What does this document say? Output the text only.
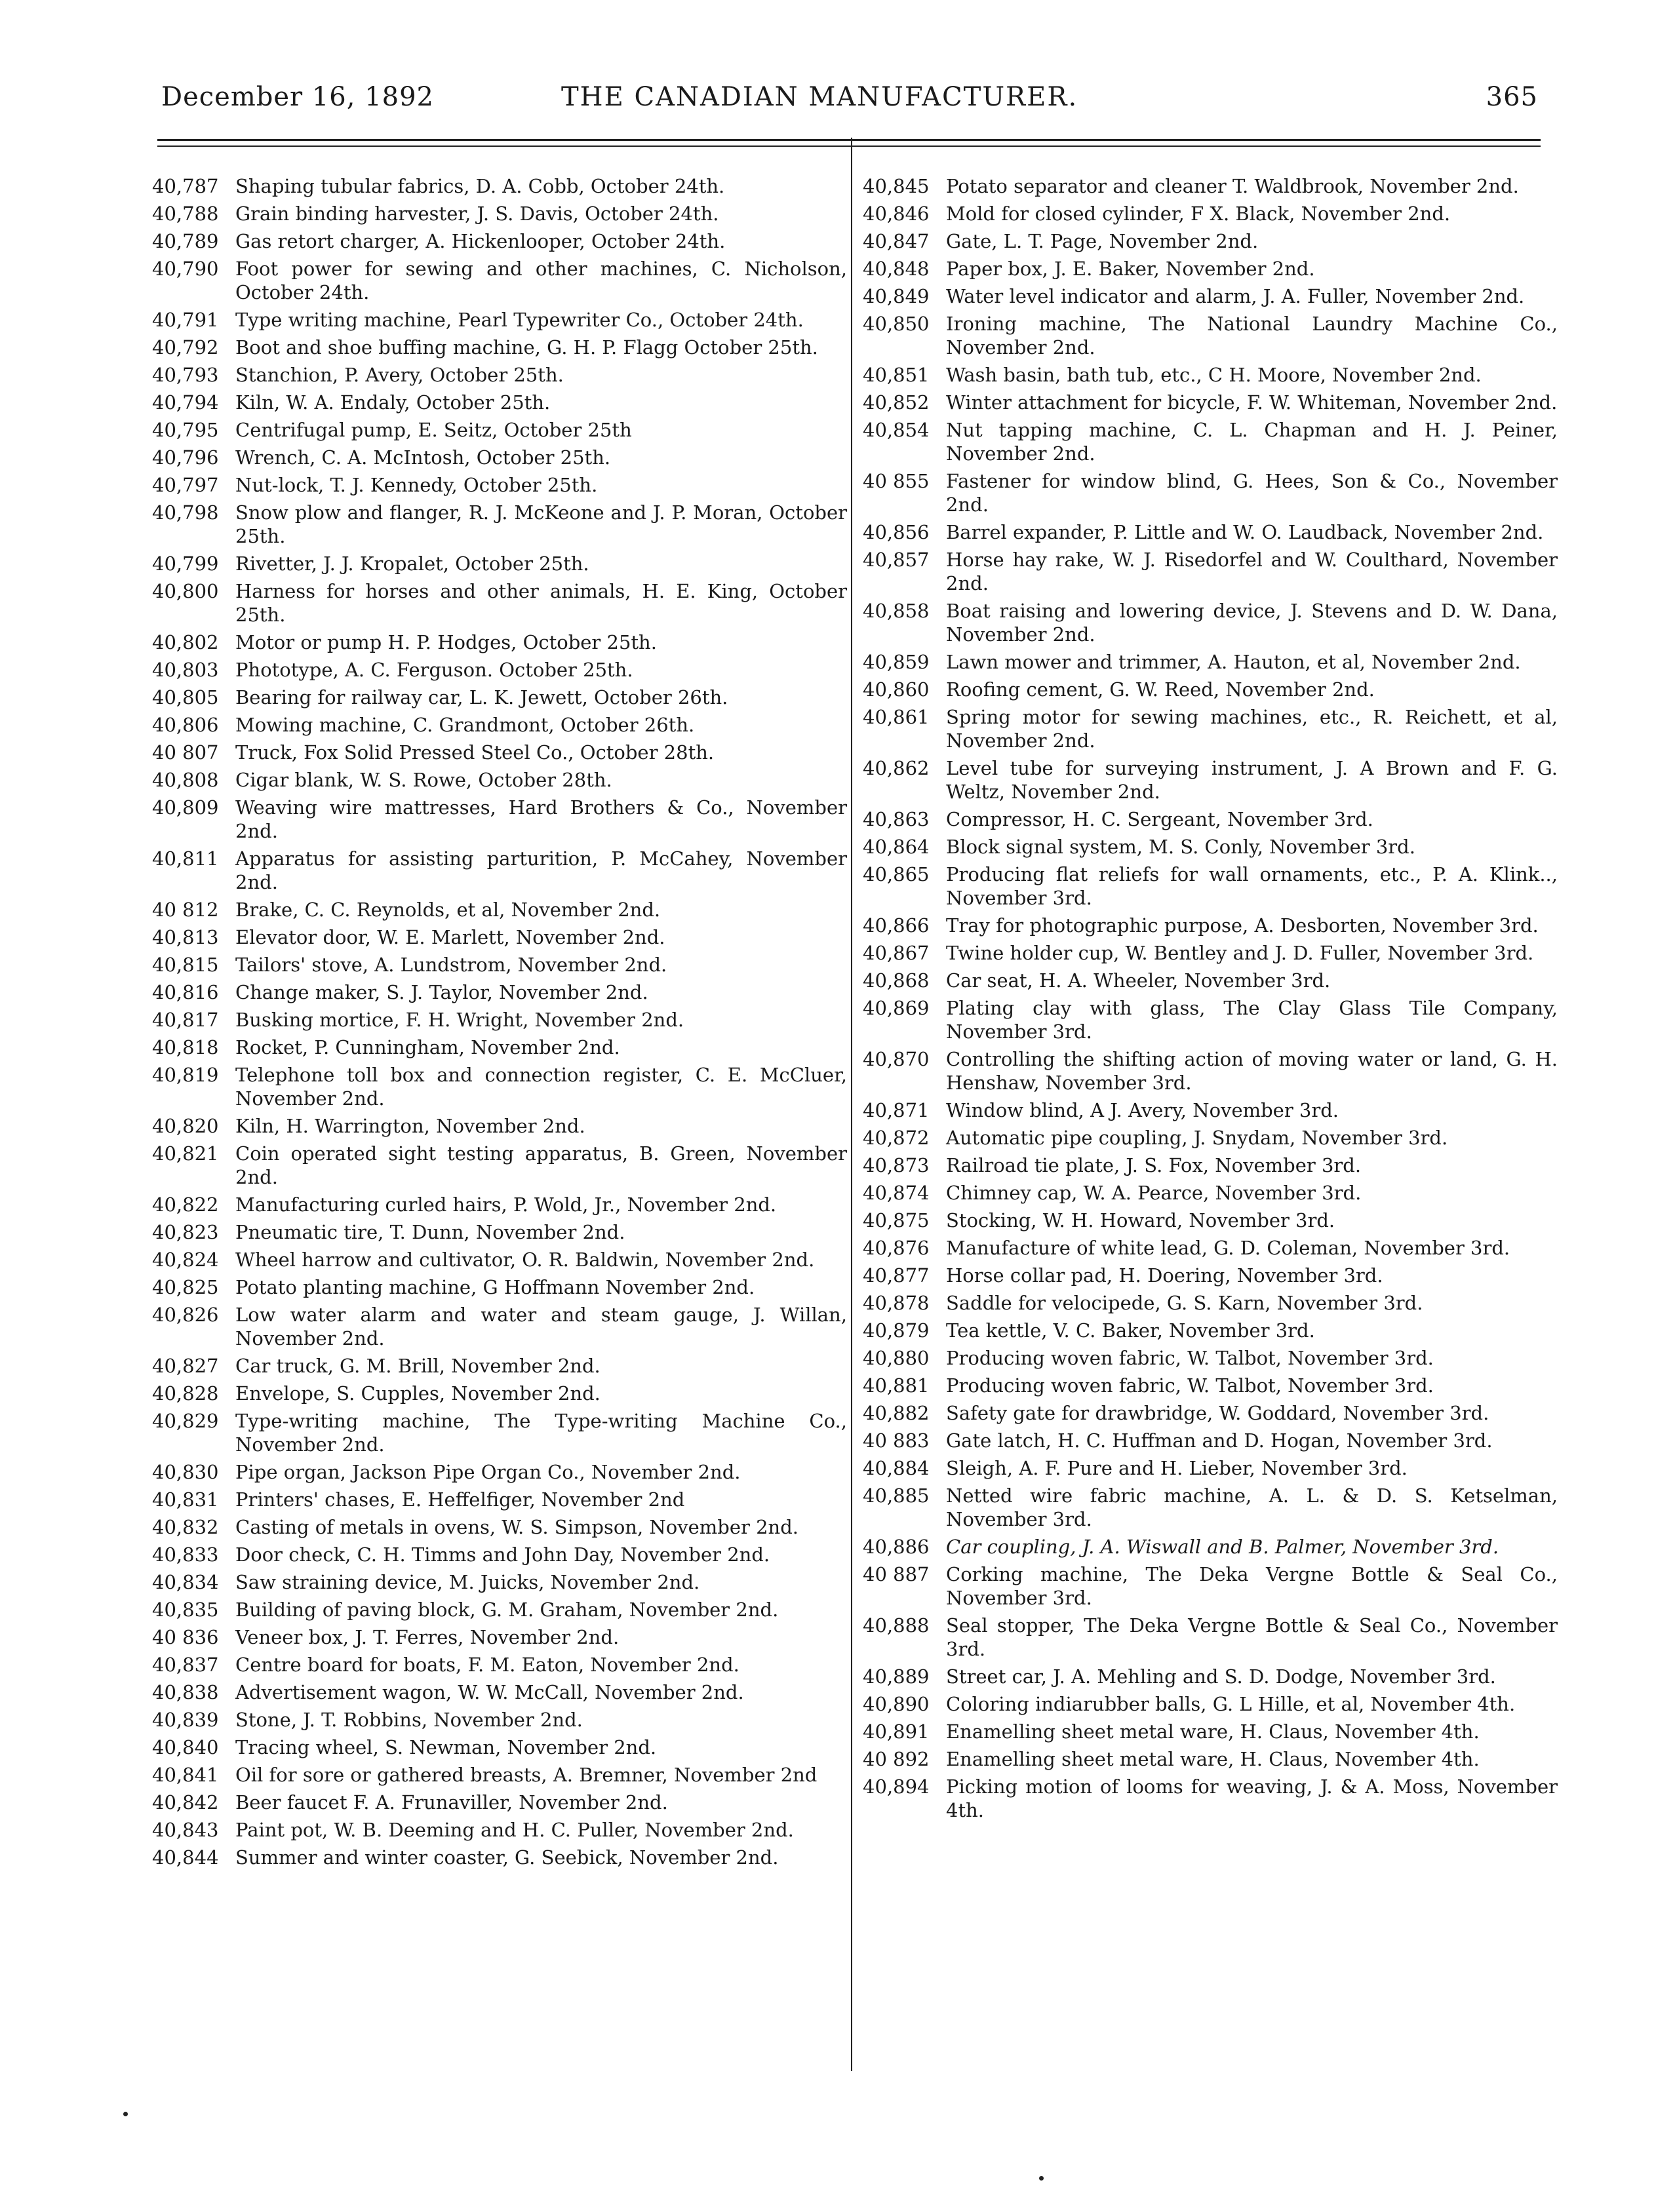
December 16, 1892	THE CANADIAN MANUFACTURER.	365
40,787 Shaping tubular fabrics, D. A. Cobb, October 24th.
40,788 Grain binding harvester, J. S. Davis, October 24th.
40,789 Gas retort charger, A. Hickenlooper, October 24th.
40,790 Foot power for sewing and other machines, C. Nicholson, October 24th.
40,791 Type writing machine, Pearl Typewriter Co., October 24th.
40,792 Boot and shoe buffing machine, G. H. P. Flagg October 25th.
40,793 Stanchion, P. Avery, October 25th.
40,794 Kiln, W. A. Endaly, October 25th.
40,795 Centrifugal pump, E. Seitz, October 25th
40,796 Wrench, C. A. McIntosh, October 25th.
40,797 Nut-lock, T. J. Kennedy, October 25th.
40,798 Snow plow and flanger, R. J. McKeone and J. P. Moran, October 25th.
40,799 Rivetter, J. J. Kropalet, October 25th.
40,800 Harness for horses and other animals, H. E. King, October 25th.
40,802 Motor or pump H. P. Hodges, October 25th.
40,803 Phototype, A. C. Ferguson. October 25th.
40,805 Bearing for railway car, L. K. Jewett, October 26th.
40,806 Mowing machine, C. Grandmont, October 26th.
40 807 Truck, Fox Solid Pressed Steel Co., October 28th.
40,808 Cigar blank, W. S. Rowe, October 28th.
40,809 Weaving wire mattresses, Hard Brothers & Co., November 2nd.
40,811 Apparatus for assisting parturition, P. McCahey, November 2nd.
40 812 Brake, C. C. Reynolds, et al, November 2nd.
40,813 Elevator door, W. E. Marlett, November 2nd.
40,815 Tailors' stove, A. Lundstrom, November 2nd.
40,816 Change maker, S. J. Taylor, November 2nd.
40,817 Busking mortice, F. H. Wright, November 2nd.
40,818 Rocket, P. Cunningham, November 2nd.
40,819 Telephone toll box and connection register, C. E. McCluer, November 2nd.
40,820 Kiln, H. Warrington, November 2nd.
40,821 Coin operated sight testing apparatus, B. Green, November 2nd.
40,822 Manufacturing curled hairs, P. Wold, Jr., November 2nd.
40,823 Pneumatic tire, T. Dunn, November 2nd.
40,824 Wheel harrow and cultivator, O. R. Baldwin, November 2nd.
40,825 Potato planting machine, G Hoffmann November 2nd.
40,826 Low water alarm and water and steam gauge, J. Willan, November 2nd.
40,827 Car truck, G. M. Brill, November 2nd.
40,828 Envelope, S. Cupples, November 2nd.
40,829 Type-writing machine, The Type-writing Machine Co., November 2nd.
40,830 Pipe organ, Jackson Pipe Organ Co., November 2nd.
40,831 Printers' chases, E. Heffelfiger, November 2nd
40,832 Casting of metals in ovens, W. S. Simpson, November 2nd.
40,833 Door check, C. H. Timms and John Day, November 2nd.
40,834 Saw straining device, M. Juicks, November 2nd.
40,835 Building of paving block, G. M. Graham, November 2nd.
40 836 Veneer box, J. T. Ferres, November 2nd.
40,837 Centre board for boats, F. M. Eaton, November 2nd.
40,838 Advertisement wagon, W. W. McCall, November 2nd.
40,839 Stone, J. T. Robbins, November 2nd.
40,840 Tracing wheel, S. Newman, November 2nd.
40,841 Oil for sore or gathered breasts, A. Bremner, November 2nd
40,842 Beer faucet F. A. Frunaviller, November 2nd.
40,843 Paint pot, W. B. Deeming and H. C. Puller, November 2nd.
40,844 Summer and winter coaster, G. Seebick, November 2nd.
40,845 Potato separator and cleaner T. Waldbrook, November 2nd.
40,846 Mold for closed cylinder, F X. Black, November 2nd.
40,847 Gate, L. T. Page, November 2nd.
40,848 Paper box, J. E. Baker, November 2nd.
40,849 Water level indicator and alarm, J. A. Fuller, November 2nd.
40,850 Ironing machine, The National Laundry Machine Co., November 2nd.
40,851 Wash basin, bath tub, etc., C H. Moore, November 2nd.
40,852 Winter attachment for bicycle, F. W. Whiteman, November 2nd.
40,854 Nut tapping machine, C. L. Chapman and H. J. Peiner, November 2nd.
40 855 Fastener for window blind, G. Hees, Son & Co., November 2nd.
40,856 Barrel expander, P. Little and W. O. Laudback, November 2nd.
40,857 Horse hay rake, W. J. Risedorfel and W. Coulthard, November 2nd.
40,858 Boat raising and lowering device, J. Stevens and D. W. Dana, November 2nd.
40,859 Lawn mower and trimmer, A. Hauton, et al, November 2nd.
40,860 Roofing cement, G. W. Reed, November 2nd.
40,861 Spring motor for sewing machines, etc., R. Reichett, et al, November 2nd.
40,862 Level tube for surveying instrument, J. A Brown and F. G. Weltz, November 2nd.
40,863 Compressor, H. C. Sergeant, November 3rd.
40,864 Block signal system, M. S. Conly, November 3rd.
40,865 Producing flat reliefs for wall ornaments, etc., P. A. Klink.., November 3rd.
40,866 Tray for photographic purpose, A. Desborten, November 3rd.
40,867 Twine holder cup, W. Bentley and J. D. Fuller, November 3rd.
40,868 Car seat, H. A. Wheeler, November 3rd.
40,869 Plating clay with glass, The Clay Glass Tile Company, November 3rd.
40,870 Controlling the shifting action of moving water or land, G. H. Henshaw, November 3rd.
40,871 Window blind, A J. Avery, November 3rd.
40,872 Automatic pipe coupling, J. Snydam, November 3rd.
40,873 Railroad tie plate, J. S. Fox, November 3rd.
40,874 Chimney cap, W. A. Pearce, November 3rd.
40,875 Stocking, W. H. Howard, November 3rd.
40,876 Manufacture of white lead, G. D. Coleman, November 3rd.
40,877 Horse collar pad, H. Doering, November 3rd.
40,878 Saddle for velocipede, G. S. Karn, November 3rd.
40,879 Tea kettle, V. C. Baker, November 3rd.
40,880 Producing woven fabric, W. Talbot, November 3rd.
40,881 Producing woven fabric, W. Talbot, November 3rd.
40,882 Safety gate for drawbridge, W. Goddard, November 3rd.
40 883 Gate latch, H. C. Huffman and D. Hogan, November 3rd.
40,884 Sleigh, A. F. Pure and H. Lieber, November 3rd.
40,885 Netted wire fabric machine, A. L. & D. S. Ketselman, November 3rd.
40,886 Car coupling, J. A. Wiswall and B. Palmer, November 3rd.
40 887 Corking machine, The Deka Vergne Bottle & Seal Co., November 3rd.
40,888 Seal stopper, The Deka Vergne Bottle & Seal Co., November 3rd.
40,889 Street car, J. A. Mehling and S. D. Dodge, November 3rd.
40,890 Coloring indiarubber balls, G. L Hille, et al, November 4th.
40,891 Enamelling sheet metal ware, H. Claus, November 4th.
40 892 Enamelling sheet metal ware, H. Claus, November 4th.
40,894 Picking motion of looms for weaving, J. & A. Moss, November 4th.
